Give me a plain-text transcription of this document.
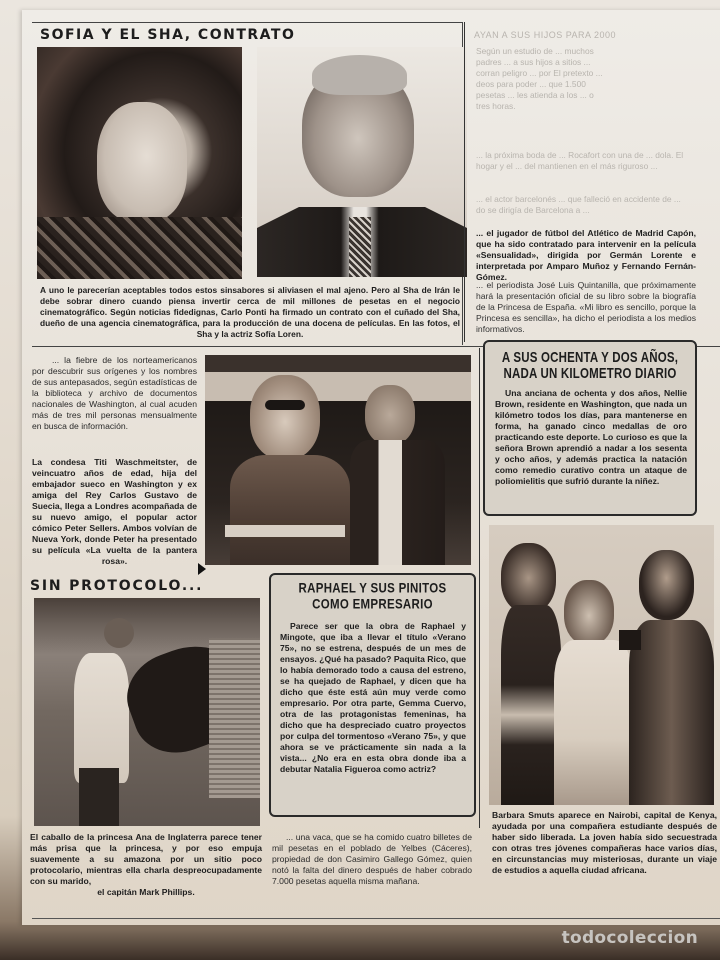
SOFIA Y EL SHA, CONTRATO
A uno le parecerían aceptables todos estos sinsabores si aliviasen el mal ajeno. Pero al Sha de Irán le debe sobrar dinero cuando piensa invertir cerca de mil millones de pesetas en el negocio cinematográfico. Según noticias fidedignas, Carlo Ponti ha firmado un contrato con el cuñado del Sha, dueño de una agencia cinematográfica, para la producción de una docena de películas. En las fotos, el Sha y la actriz Sofía Loren.
AYAN A SUS HIJOS PARA 2000
Según un estudio de ... muchos padres ... a sus hijos a sitios ... corran peligro ... por El pretexto ... deos para poder ... que 1.500 pesetas ... les atienda a los ... o tres horas.
... la próxima boda de ... Rocafort con una de ... dola. El hogar y el ... del mantienen en el más riguroso ...
... el actor barcelonés ... que falleció en accidente de ... do se dirigía de Barcelona a ...
... el jugador de fútbol del Atlético de Madrid Capón, que ha sido contratado para intervenir en la película «Sensualidad», dirigida por Germán Lorente e interpretada por Amparo Muñoz y Fernando Fernán-Gómez.
... el periodista José Luis Quintanilla, que próximamente hará la presentación oficial de su libro sobre la biografía de la Princesa de España. «Mi libro es sencillo, porque la Princesa es sencilla», ha dicho el periodista a los medios informativos.
... la fiebre de los norteamericanos por descubrir sus orígenes y los nombres de sus antepasados, según estadísticas de la biblioteca y archivo de documentos nacionales de Washington, al cual acuden más de tres mil personas mensualmente en busca de información.
La condesa Titi Waschmeitster, de veincuatro años de edad, hija del embajador sueco en Washington y ex amiga del Rey Carlos Gustavo de Suecia, llega a Londres acompañada de su nuevo amigo, el popular actor cómico Peter Sellers. Ambos volvían de Nueva York, donde Peter ha presentado su película «La vuelta de la pantera rosa».
A SUS OCHENTA Y DOS AÑOS,
NADA UN KILOMETRO DIARIO
Una anciana de ochenta y dos años, Nellie Brown, residente en Washington, que nada un kilómetro todos los días, para mantenerse en forma, ha ganado cinco medallas de oro practicando este deporte. Lo curioso es que la señora Brown aprendió a nadar a los sesenta y ocho años, y además practica la natación como remedio curativo contra un ataque de poliomielitis que sufrió durante la niñez.
SIN PROTOCOLO...
El caballo de la princesa Ana de Inglaterra parece tener más prisa que la princesa, y por eso empuja suavemente a su amazona por un sitio poco protocolario, mientras ella charla despreocupadamente con su marido,
el capitán Mark Phillips.
RAPHAEL Y SUS PINITOS
COMO EMPRESARIO
Parece ser que la obra de Raphael y Mingote, que iba a llevar el título «Verano 75», no se estrena, después de un mes de ensayos. ¿Qué ha pasado? Paquita Rico, que lo había demorado todo a causa del estreno, se ha quejado de Raphael, y dicen que ha dicho que éste está aún muy verde como empresario. Por otra parte, Gemma Cuervo, otra de las protagonistas femeninas, ha dicho que ha despreciado cuatro proyectos por culpa del tormentoso «Verano 75», y que ahora se ve prácticamente sin nada a la vista... ¿No era en esta obra donde iba a debutar Natalia Figueroa como actriz?
... una vaca, que se ha comido cuatro billetes de mil pesetas en el poblado de Yelbes (Cáceres), propiedad de don Casimiro Gallego Gómez, quien notó la falta del dinero después de haber cobrado 7.000 pesetas aquella misma mañana.
Barbara Smuts aparece en Nairobi, capital de Kenya, ayudada por una compañera estudiante después de haber sido liberada. La joven había sido secuestrada con otras tres jóvenes compañeras hace varios días, en circunstancias muy misteriosas, durante un viaje de estudios a aquella ciudad africana.
todocoleccion
